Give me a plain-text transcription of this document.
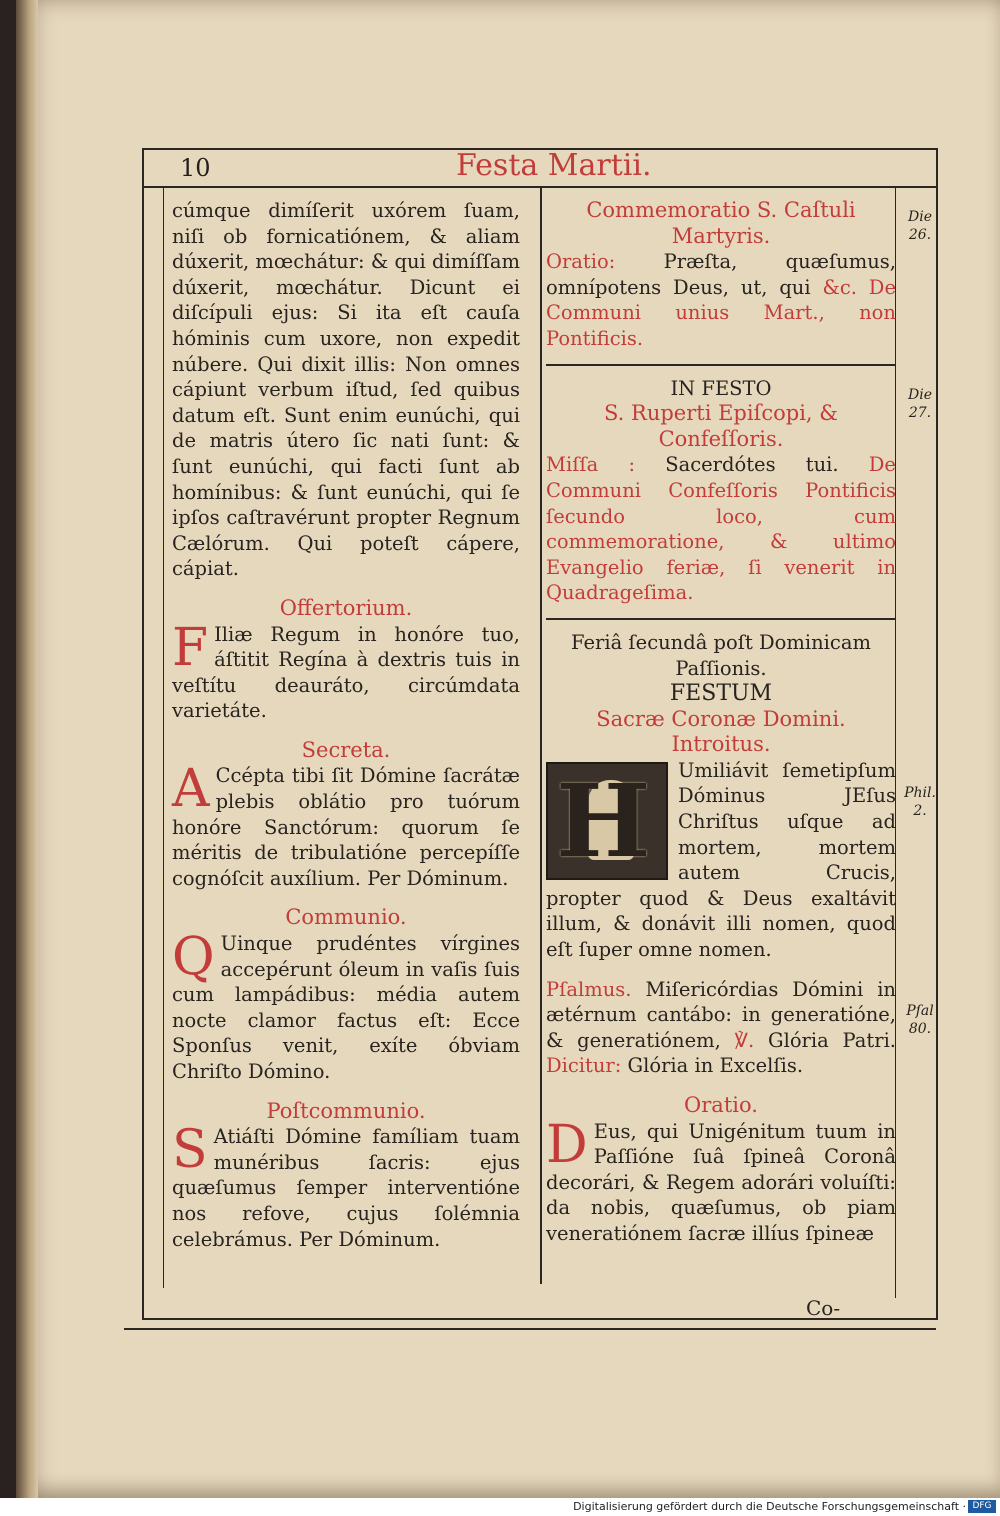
10	Festa Martii.

cúmque dimíſerit uxórem ſuam, niſi ob fornicatiónem, & aliam dúxerit, mœchátur: & qui dimíſſam dúxerit, mœchátur. Dicunt ei diſcípuli ejus: Si ita eſt cauſa hóminis cum uxore, non expedit núbere. Qui dixit illis: Non omnes cápiunt verbum iſtud, ſed quibus datum eſt. Sunt enim eunúchi, qui de matris útero ſic nati ſunt: & ſunt eunúchi, qui facti ſunt ab homínibus: & ſunt eunúchi, qui ſe ipſos caſtravérunt propter Regnum Cælórum. Qui poteſt cápere, cápiat.

Offertorium.

F Iliæ Regum in honóre tuo, áſtitit Regína à dextris tuis in veſtítu deauráto, circúmdata varietáte.

Secreta.

A Ccépta tibi ſit Dómine ſacrátæ plebis oblátio pro tuórum honóre Sanctórum: quorum ſe méritis de tribulatióne percepíſſe cognóſcit auxílium. Per Dóminum.

Communio.

Q Uinque prudéntes vírgines accepérunt óleum in vaſis ſuis cum lampádibus: média autem nocte clamor factus eſt: Ecce Sponſus venit, exíte óbviam Chriſto Dómino.

Poſtcommunio.

S Atiáſti Dómine famíliam tuam munéribus ſacris: ejus quæſumus ſemper interventióne nos refove, cujus ſolémnia celebrámus. Per Dóminum.

Commemoratio S. Caſtuli Martyris.

Oratio: Præſta, quæſumus, omnípotens Deus, ut, qui &c. De Communi unius Mart., non Pontificis.

IN FESTO

S. Ruperti Epiſcopi, & Confeſſoris.

Miſſa : Sacerdótes tui. De Communi Confeſſoris Pontificis ſecundo loco, cum commemoratione, & ultimo Evangelio feriæ, ſi venerit in Quadrageſima.

Feriâ ſecundâ poſt Dominicam Paſſionis.

FESTUM

Sacræ Coronæ Domini.

Introitus.

H Umiliávit ſemetipſum Dóminus JEſus Chriſtus uſque ad mortem, mortem autem Crucis, propter quod & Deus exaltávit illum, & donávit illi nomen, quod eſt ſuper omne nomen.

Pſalmus. Miſericórdias Dómini in ætérnum cantábo: in generatióne, & generatiónem, ℣. Glória Patri. Dicitur: Glória in Excelſis.

Oratio.

D Eus, qui Unigénitum tuum in Paſſióne ſuâ ſpineâ Coronâ decorári, & Regem adorári voluíſti: da nobis, quæſumus, ob piam veneratiónem ſacræ illíus ſpineæ

Die 26.
Die 27.
Phil. 2.
Pſal 80.
Co-
Digitalisierung gefördert durch die Deutsche Forschungsgemeinschaft · DFG
